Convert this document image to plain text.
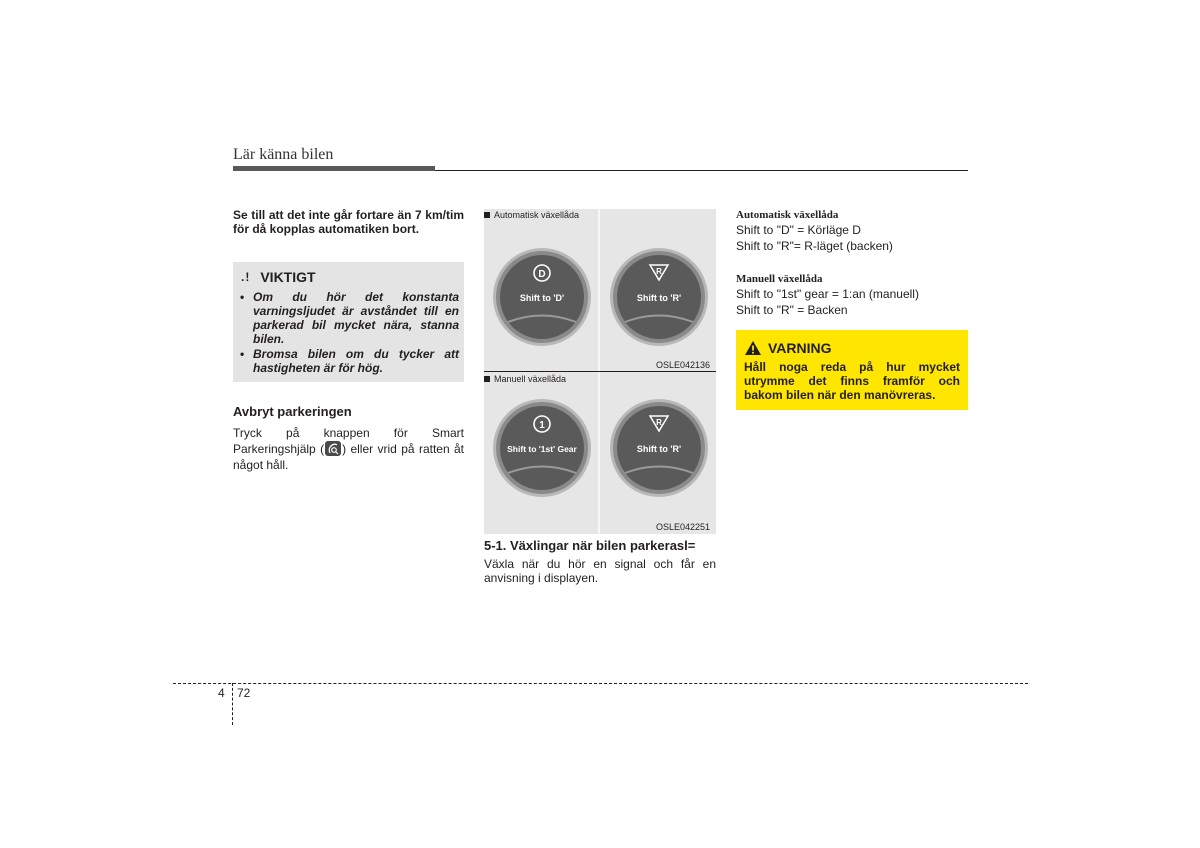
Lär känna bilen
Se till att det inte går fortare än 7 km/tim för då kopplas automatiken bort.
.! VIKTIGT
• Om du hör det konstanta varningsljudet är avståndet till en parkerad bil mycket nära, stanna bilen.
• Bromsa bilen om du tycker att hastigheten är för hög.
Avbryt parkeringen
Tryck på knappen för Smart Parkeringshjälp ( ) eller vrid på ratten åt något håll.
Automatisk växellåda
D
Shift to 'D'
R
Shift to 'R'
OSLE042136
1
Shift to '1st' Gear
R
Shift to 'R'
Manuell växellåda
OSLE042251
5-1. Växlingar när bilen parkerasl=
Växla när du hör en signal och får en anvisning i displayen.
Automatisk växellåda
Shift to "D" = Körläge D
Shift to "R"= R-läget (backen)
Manuell växellåda
Shift to "1st" gear = 1:an (manuell)
Shift to "R" = Backen
VARNING
Håll noga reda på hur mycket utrymme det finns framför och bakom bilen när den manövreras.
4 72
